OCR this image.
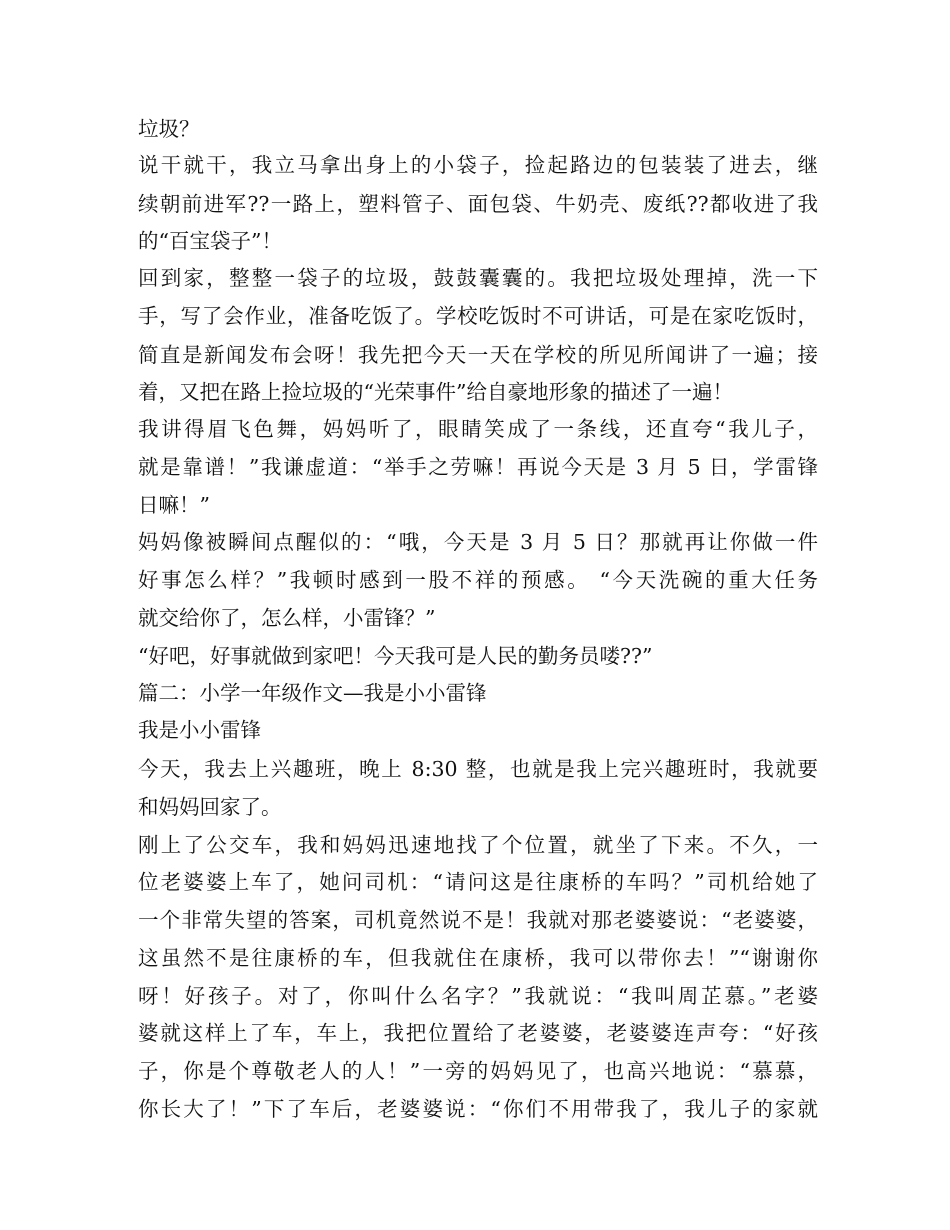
垃圾？
说干就干，我立马拿出身上的小袋子，捡起路边的包装装了进去，继
续朝前进军??一路上，塑料管子、面包袋、牛奶壳、废纸??都收进了我
的“百宝袋子”！
回到家，整整一袋子的垃圾，鼓鼓囊囊的。我把垃圾处理掉，洗一下
手，写了会作业，准备吃饭了。学校吃饭时不可讲话，可是在家吃饭时，
简直是新闻发布会呀！我先把今天一天在学校的所见所闻讲了一遍；接
着，又把在路上捡垃圾的“光荣事件”给自豪地形象的描述了一遍！
我讲得眉飞色舞，妈妈听了，眼睛笑成了一条线，还直夸“我儿子，
就是靠谱！”我谦虚道：“举手之劳嘛！再说今天是 3 月 5 日，学雷锋
日嘛！”
妈妈像被瞬间点醒似的：“哦，今天是 3 月 5 日？那就再让你做一件
好事怎么样？”我顿时感到一股不祥的预感。 “今天洗碗的重大任务
就交给你了，怎么样，小雷锋？”
“好吧，好事就做到家吧！今天我可是人民的勤务员喽??”
篇二：小学一年级作文—我是小小雷锋
我是小小雷锋
今天，我去上兴趣班，晚上 8:30 整，也就是我上完兴趣班时，我就要
和妈妈回家了。
刚上了公交车，我和妈妈迅速地找了个位置，就坐了下来。不久，一
位老婆婆上车了，她问司机：“请问这是往康桥的车吗？”司机给她了
一个非常失望的答案，司机竟然说不是！我就对那老婆婆说：“老婆婆，
这虽然不是往康桥的车，但我就住在康桥，我可以带你去！”“谢谢你
呀！好孩子。对了，你叫什么名字？”我就说：“我叫周芷慕。”老婆
婆就这样上了车，车上，我把位置给了老婆婆，老婆婆连声夸：“好孩
子，你是个尊敬老人的人！”一旁的妈妈见了，也高兴地说：“慕慕，
你长大了！”下了车后，老婆婆说：“你们不用带我了，我儿子的家就
